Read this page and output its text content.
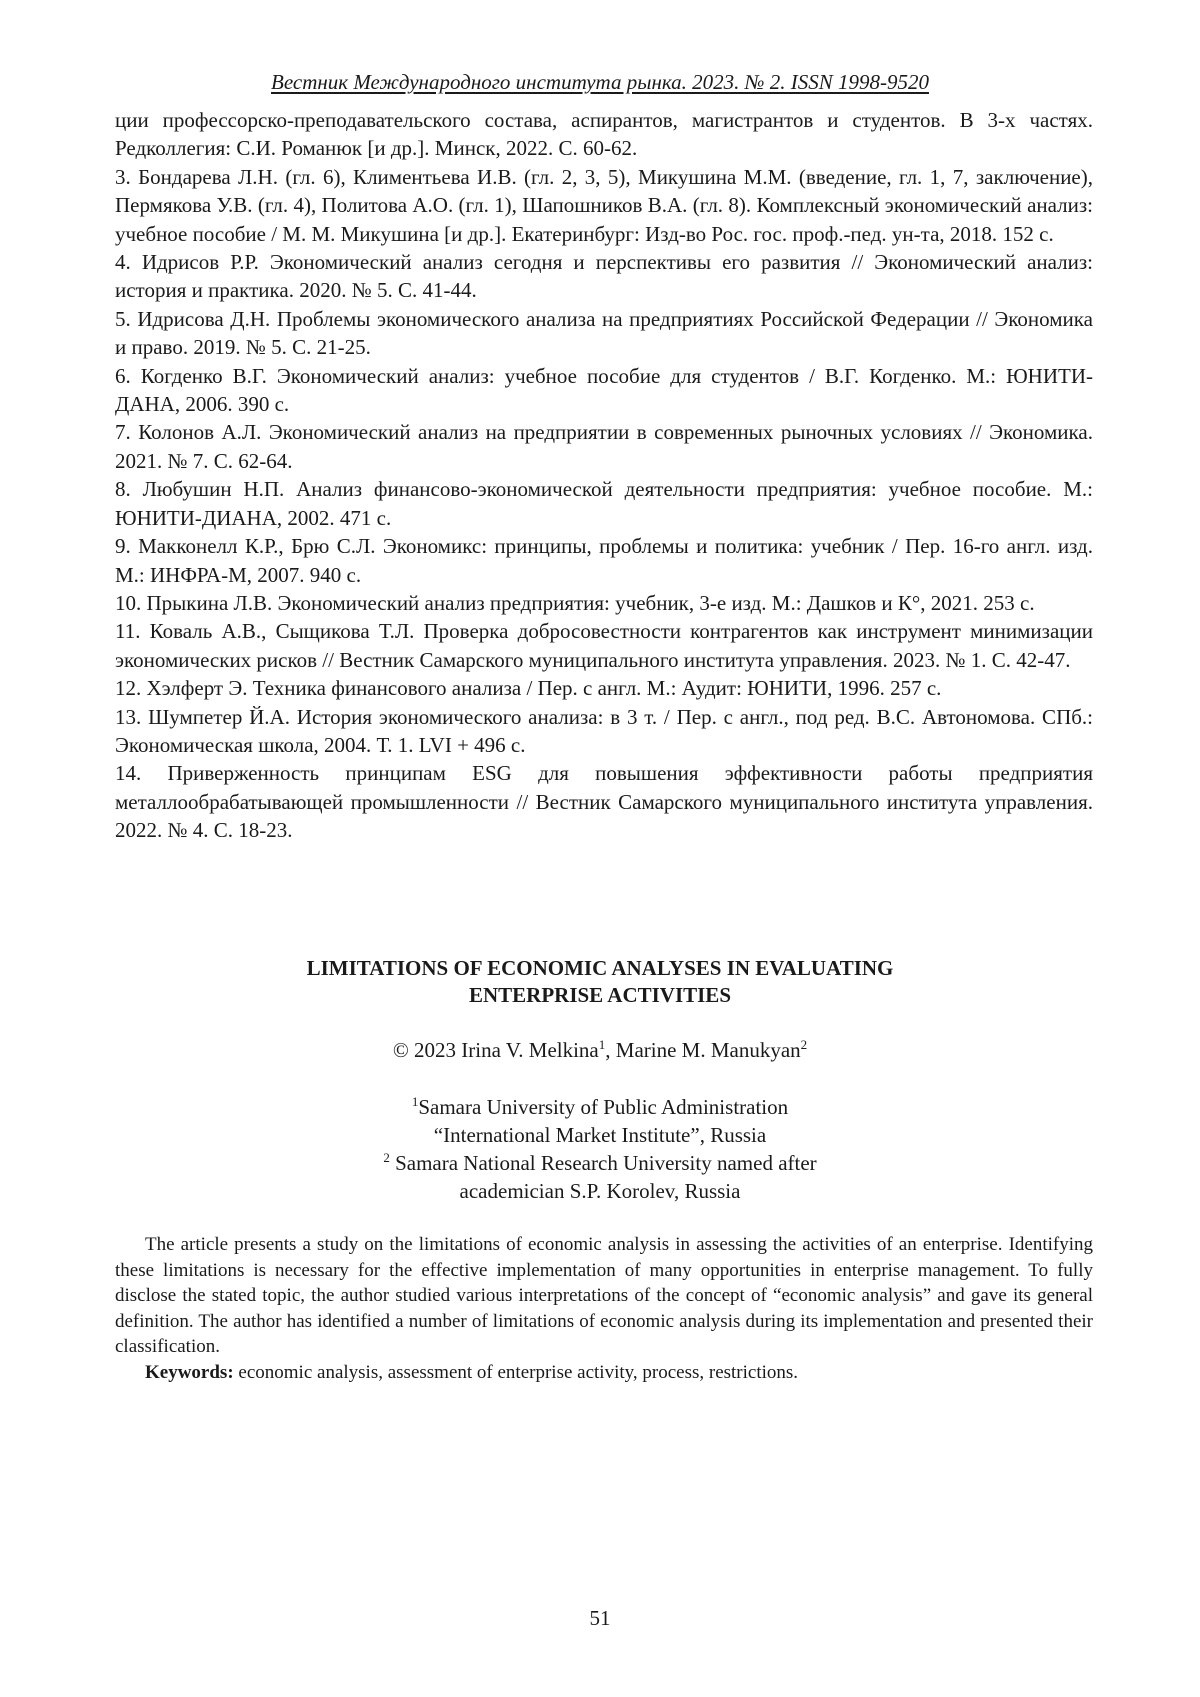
Вестник Международного института рынка. 2023. № 2. ISSN 1998-9520

ции профессорско-преподавательского состава, аспирантов, магистрантов и студентов. В 3-х частях. Редколлегия: С.И. Романюк [и др.]. Минск, 2022. С. 60-62.

3. Бондарева Л.Н. (гл. 6), Климентьева И.В. (гл. 2, 3, 5), Микушина М.М. (введение, гл. 1, 7, заключение), Пермякова У.В. (гл. 4), Политова А.О. (гл. 1), Шапошников В.А. (гл. 8). Комплексный экономический анализ: учебное пособие / М. М. Микушина [и др.]. Екатеринбург: Изд-во Рос. гос. проф.-пед. ун-та, 2018. 152 с.

4. Идрисов Р.Р. Экономический анализ сегодня и перспективы его развития // Экономический анализ: история и практика. 2020. № 5. С. 41-44.

5. Идрисова Д.Н. Проблемы экономического анализа на предприятиях Российской Федерации // Экономика и право. 2019. № 5. С. 21-25.

6. Когденко В.Г. Экономический анализ: учебное пособие для студентов / В.Г. Когденко. М.: ЮНИТИ-ДАНА, 2006. 390 с.

7. Колонов А.Л. Экономический анализ на предприятии в современных рыночных условиях // Экономика. 2021. № 7. С. 62-64.

8. Любушин Н.П. Анализ финансово-экономической деятельности предприятия: учебное пособие. М.: ЮНИТИ-ДИАНА, 2002. 471 с.

9. Макконелл К.Р., Брю С.Л. Экономикс: принципы, проблемы и политика: учебник / Пер. 16-го англ. изд. М.: ИНФРА-М, 2007. 940 с.

10. Прыкина Л.В. Экономический анализ предприятия: учебник, 3-е изд. М.: Дашков и К°, 2021. 253 с.

11. Коваль А.В., Сыщикова Т.Л. Проверка добросовестности контрагентов как инструмент минимизации экономических рисков // Вестник Самарского муниципального института управления. 2023. № 1. С. 42-47.

12. Хэлферт Э. Техника финансового анализа / Пер. с англ. М.: Аудит: ЮНИТИ, 1996. 257 с.

13. Шумпетер Й.А. История экономического анализа: в 3 т. / Пер. с англ., под ред. В.С. Автономова. СПб.: Экономическая школа, 2004. Т. 1. LVI + 496 с.

14. Приверженность принципам ESG для повышения эффективности работы предприятия металлообрабатывающей промышленности // Вестник Самарского муниципального института управления. 2022. № 4. С. 18-23.

LIMITATIONS OF ECONOMIC ANALYSES IN EVALUATING
ENTERPRISE ACTIVITIES
© 2023 Irina V. Melkina$^1$, Marine M. Manukyan$^2$
$^1$Samara University of Public Administration
“International Market Institute”, Russia
$^2$ Samara National Research University named after
academician S.P. Korolev, Russia

The article presents a study on the limitations of economic analysis in assessing the activities of an enterprise. Identifying these limitations is necessary for the effective implementation of many opportunities in enterprise management. To fully disclose the stated topic, the author studied various interpretations of the concept of “economic analysis” and gave its general definition. The author has identified a number of limitations of economic analysis during its implementation and presented their classification.

Keywords: economic analysis, assessment of enterprise activity, process, restrictions.

51
